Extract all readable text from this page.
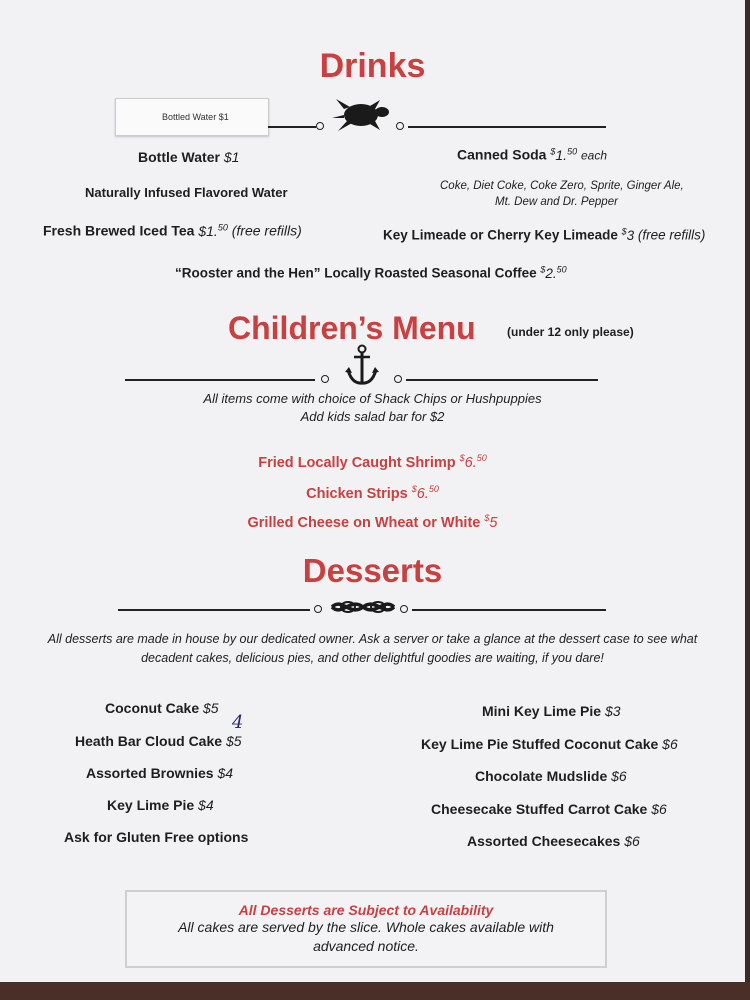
Drinks
Bottled Water $1
Bottle Water $1
Naturally Infused Flavored Water
Fresh Brewed Iced Tea $1.50 (free refills)
Canned Soda $1.50 each
Coke, Diet Coke, Coke Zero, Sprite, Ginger Ale,
Mt. Dew and Dr. Pepper
Key Limeade or Cherry Key Limeade $3 (free refills)
“Rooster and the Hen” Locally Roasted Seasonal Coffee $2.50
Children’s Menu	(under 12 only please)
All items come with choice of Shack Chips or Hushpuppies
Add kids salad bar for $2
Fried Locally Caught Shrimp $6.50
Chicken Strips $6.50
Grilled Cheese on Wheat or White $5
Desserts
All desserts are made in house by our dedicated owner. Ask a server or take a glance at the dessert case to see what
decadent cakes, delicious pies, and other delightful goodies are waiting, if you dare!
Coconut Cake $5
4
Heath Bar Cloud Cake $5
Assorted Brownies $4
Key Lime Pie $4
Ask for Gluten Free options
Mini Key Lime Pie $3
Key Lime Pie Stuffed Coconut Cake $6
Chocolate Mudslide $6
Cheesecake Stuffed Carrot Cake $6
Assorted Cheesecakes $6
All Desserts are Subject to Availability
All cakes are served by the slice. Whole cakes available with
advanced notice.
